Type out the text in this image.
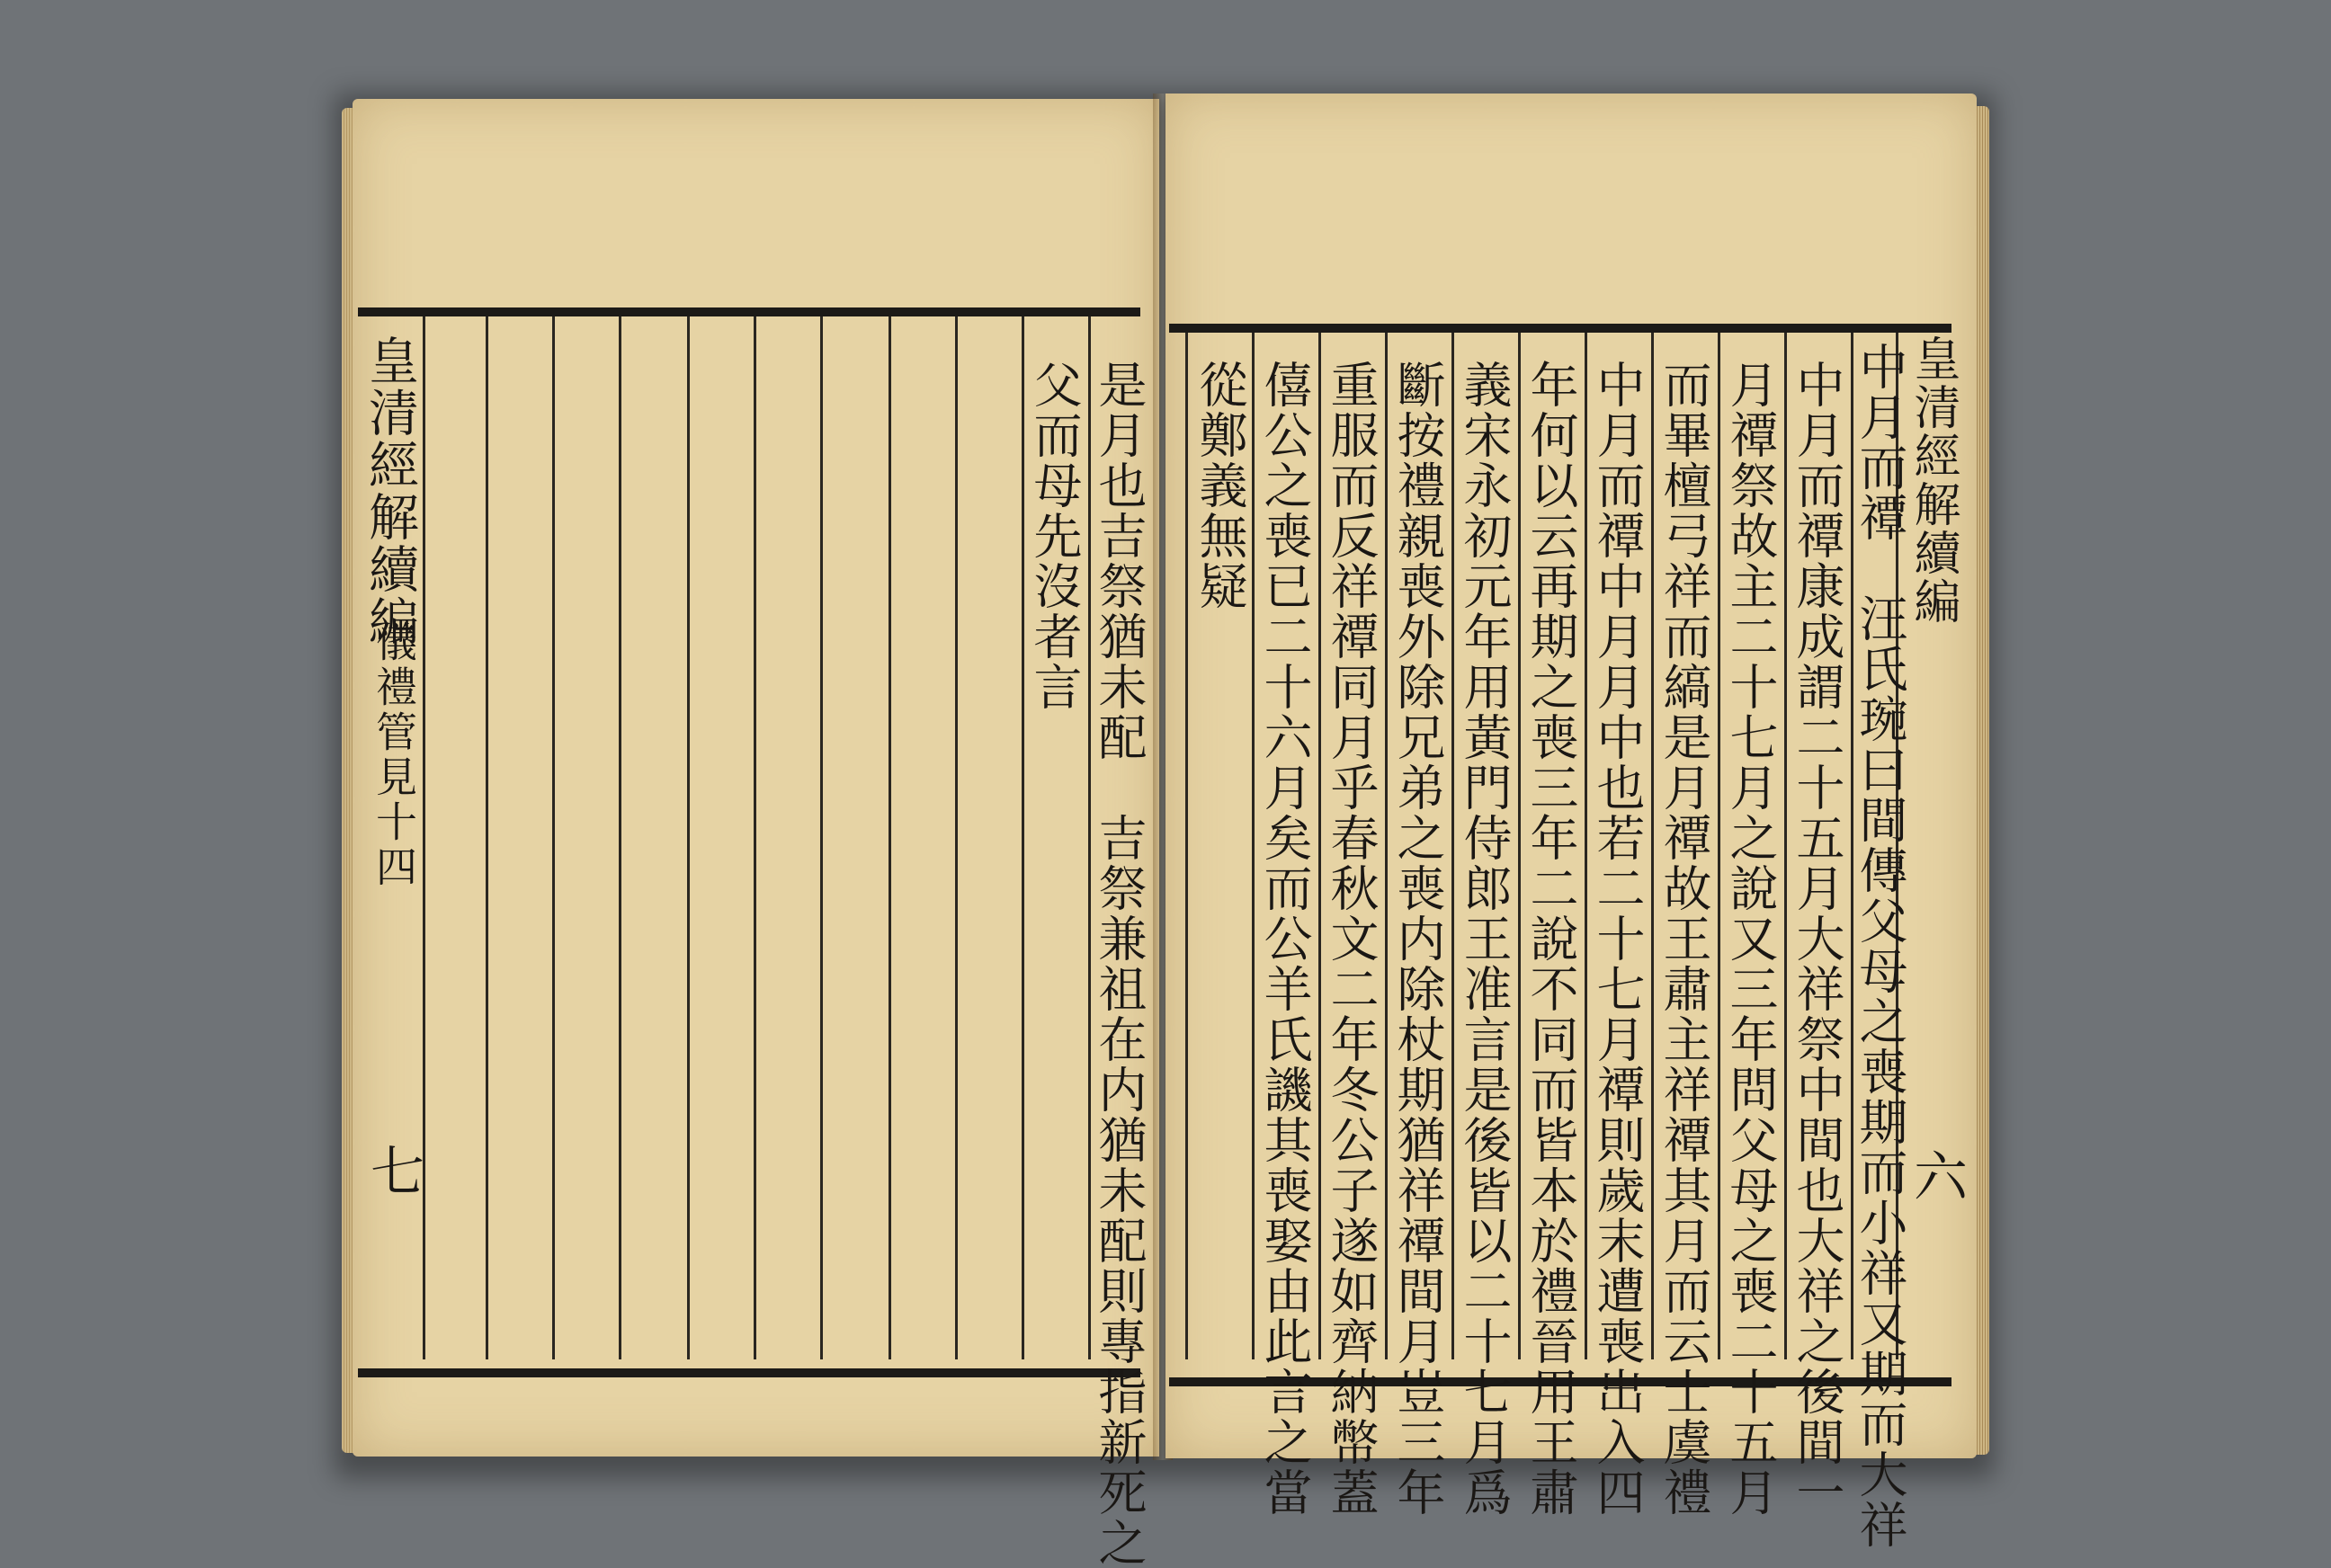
皇清經解續編
儀禮管見十四
七
父而母先沒者言 是月也吉祭猶未配　吉祭兼祖在内猶未配則專指新死之	皇清經解續編
六
中月而禫　汪氏琬曰間傳父母之喪期而小祥又期而大祥
中月而禫康成謂二十五月大祥祭中間也大祥之後間一
月禫祭故主二十七月之說又三年問父母之喪二十五月
而畢檀弓祥而縞是月禫故王肅主祥禫其月而云士虞禮
中月而禫中月月中也若二十七月禫則歲末遭喪出入四
年何以云再期之喪三年二說不同而皆本於禮晉用王肅
義宋永初元年用黃門侍郎王准言是後皆以二十七月爲
斷按禮親喪外除兄弟之喪内除杖期猶祥禫間月豈三年
重服而反祥禫同月乎春秋文二年冬公子遂如齊納幣蓋
僖公之喪已二十六月矣而公羊氏譏其喪娶由此言之當
從鄭義無疑
